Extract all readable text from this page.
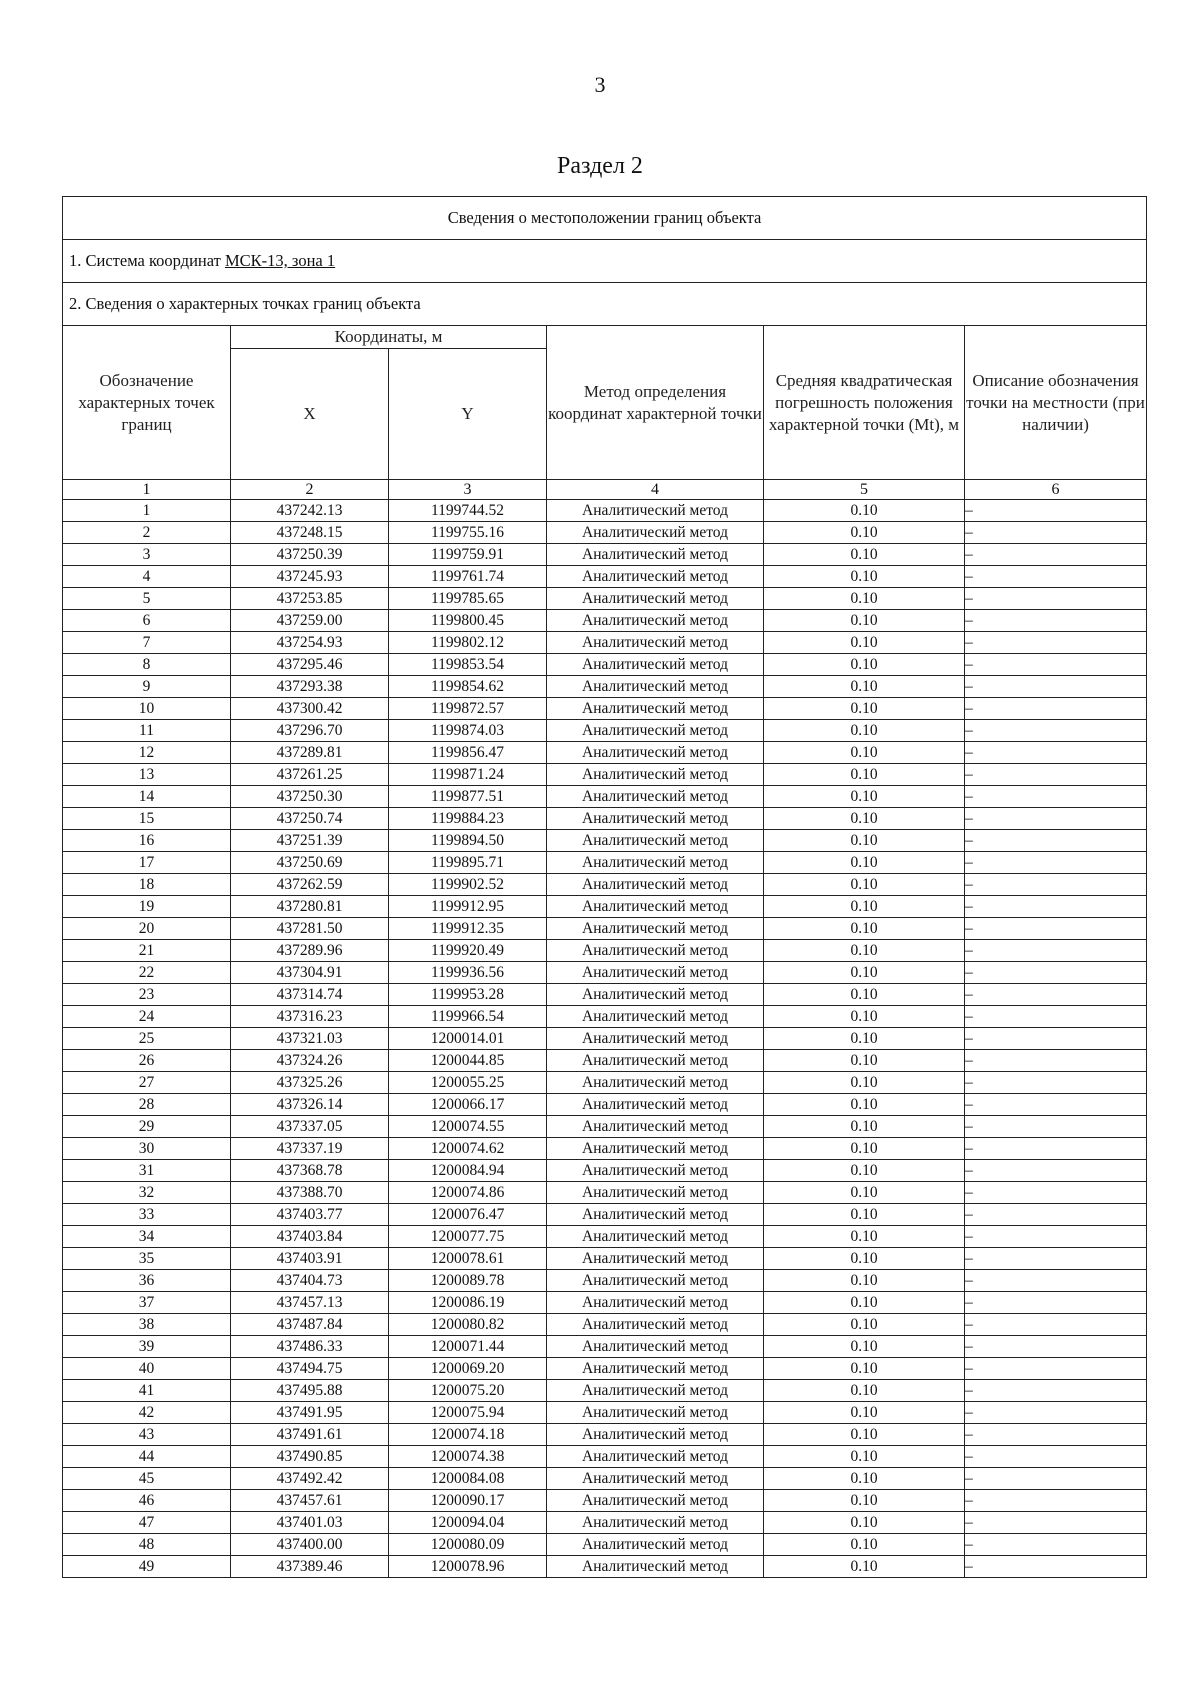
3
Раздел 2
Сведения о местоположении границ объекта					
1. Система координат МСК-13, зона 1					
2. Сведения о характерных точках границ объекта					
Обозначение характерных точек границ	Координаты, м		Метод определения координат характерной точки	Средняя квадратическая погрешность положения характерной точки (Mt), м	Описание обозначения точки на местности (при наличии)
	X	Y			
1	2	3	4	5	6
1	437242.13	1199744.52	Аналитический метод	0.10	–
2	437248.15	1199755.16	Аналитический метод	0.10	–
3	437250.39	1199759.91	Аналитический метод	0.10	–
4	437245.93	1199761.74	Аналитический метод	0.10	–
5	437253.85	1199785.65	Аналитический метод	0.10	–
6	437259.00	1199800.45	Аналитический метод	0.10	–
7	437254.93	1199802.12	Аналитический метод	0.10	–
8	437295.46	1199853.54	Аналитический метод	0.10	–
9	437293.38	1199854.62	Аналитический метод	0.10	–
10	437300.42	1199872.57	Аналитический метод	0.10	–
11	437296.70	1199874.03	Аналитический метод	0.10	–
12	437289.81	1199856.47	Аналитический метод	0.10	–
13	437261.25	1199871.24	Аналитический метод	0.10	–
14	437250.30	1199877.51	Аналитический метод	0.10	–
15	437250.74	1199884.23	Аналитический метод	0.10	–
16	437251.39	1199894.50	Аналитический метод	0.10	–
17	437250.69	1199895.71	Аналитический метод	0.10	–
18	437262.59	1199902.52	Аналитический метод	0.10	–
19	437280.81	1199912.95	Аналитический метод	0.10	–
20	437281.50	1199912.35	Аналитический метод	0.10	–
21	437289.96	1199920.49	Аналитический метод	0.10	–
22	437304.91	1199936.56	Аналитический метод	0.10	–
23	437314.74	1199953.28	Аналитический метод	0.10	–
24	437316.23	1199966.54	Аналитический метод	0.10	–
25	437321.03	1200014.01	Аналитический метод	0.10	–
26	437324.26	1200044.85	Аналитический метод	0.10	–
27	437325.26	1200055.25	Аналитический метод	0.10	–
28	437326.14	1200066.17	Аналитический метод	0.10	–
29	437337.05	1200074.55	Аналитический метод	0.10	–
30	437337.19	1200074.62	Аналитический метод	0.10	–
31	437368.78	1200084.94	Аналитический метод	0.10	–
32	437388.70	1200074.86	Аналитический метод	0.10	–
33	437403.77	1200076.47	Аналитический метод	0.10	–
34	437403.84	1200077.75	Аналитический метод	0.10	–
35	437403.91	1200078.61	Аналитический метод	0.10	–
36	437404.73	1200089.78	Аналитический метод	0.10	–
37	437457.13	1200086.19	Аналитический метод	0.10	–
38	437487.84	1200080.82	Аналитический метод	0.10	–
39	437486.33	1200071.44	Аналитический метод	0.10	–
40	437494.75	1200069.20	Аналитический метод	0.10	–
41	437495.88	1200075.20	Аналитический метод	0.10	–
42	437491.95	1200075.94	Аналитический метод	0.10	–
43	437491.61	1200074.18	Аналитический метод	0.10	–
44	437490.85	1200074.38	Аналитический метод	0.10	–
45	437492.42	1200084.08	Аналитический метод	0.10	–
46	437457.61	1200090.17	Аналитический метод	0.10	–
47	437401.03	1200094.04	Аналитический метод	0.10	–
48	437400.00	1200080.09	Аналитический метод	0.10	–
49	437389.46	1200078.96	Аналитический метод	0.10	–
